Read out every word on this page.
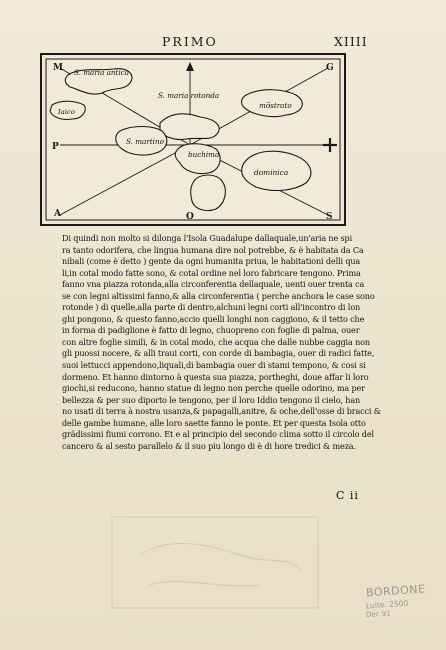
PRIMO	XIIII
S. maria antica
S. maria rotonda
Iaico
mõstrato
S. martino
buchima
dominica
M	G
P
A	O	S
Di quindi non molto si dilonga l'Isola Guadalupe dallaquale,un'aria ne spi
ra tanto odorifera, che lingua humana dire nol potrebbe, & è habitata da Ca
nibali (come è detto ) gente da ogni humanita priua, le habitationi delli qua
li,in cotal modo fatte sono, & cotal ordine nel loro fabricare tengono. Prima
fanno vna piazza rotonda,alla circonferentia dellaquale, uenti ouer trenta ca
se con legni altissimi fanno,& alla circonferentia ( perche anchora le case sono
rotonde ) di quelle,alla parte di dentro,alchuni legni corti all'incontro di lon
ghi pongono, & questo fanno,accio quelli longhi non caggiono, & il tetto che
in forma di padiglione è fatto di legno, chuopreno con foglie di palma, ouer
con altre foglie simili, & in cotal modo, che acqua che dalle nubbe caggia non
gli puossi nocere, & alli traui corti, con corde di bambagia, ouer di radici fatte,
suoi lettucci appendono,liquali,di bambagia ouer di stami tempono, & cosi si
dormeno. Et hanno dintorno à questa sua piazza, portheghi, doue affar li loro
giochi,si reducono, hanno statue di legno non perche quelle odorino, ma per
bellezza & per suo diporto le tengono, per il loro Iddio tengono il cielo, han
no usati di terra à nostra usanza,& papagalli,anitre, & oche,dell'osse di bracci &
delle gambe humane, alle loro saette fanno le ponte. Et per questa Isola otto
grãdissimi fiumi corrono. Et e al principio del secondo clima sotto il circolo del
cancero & al sesto parallelo & il suo piu longo di è di hore tredici & meza.
C ii
BORDONE
Lulte. 2500
Dec 91
